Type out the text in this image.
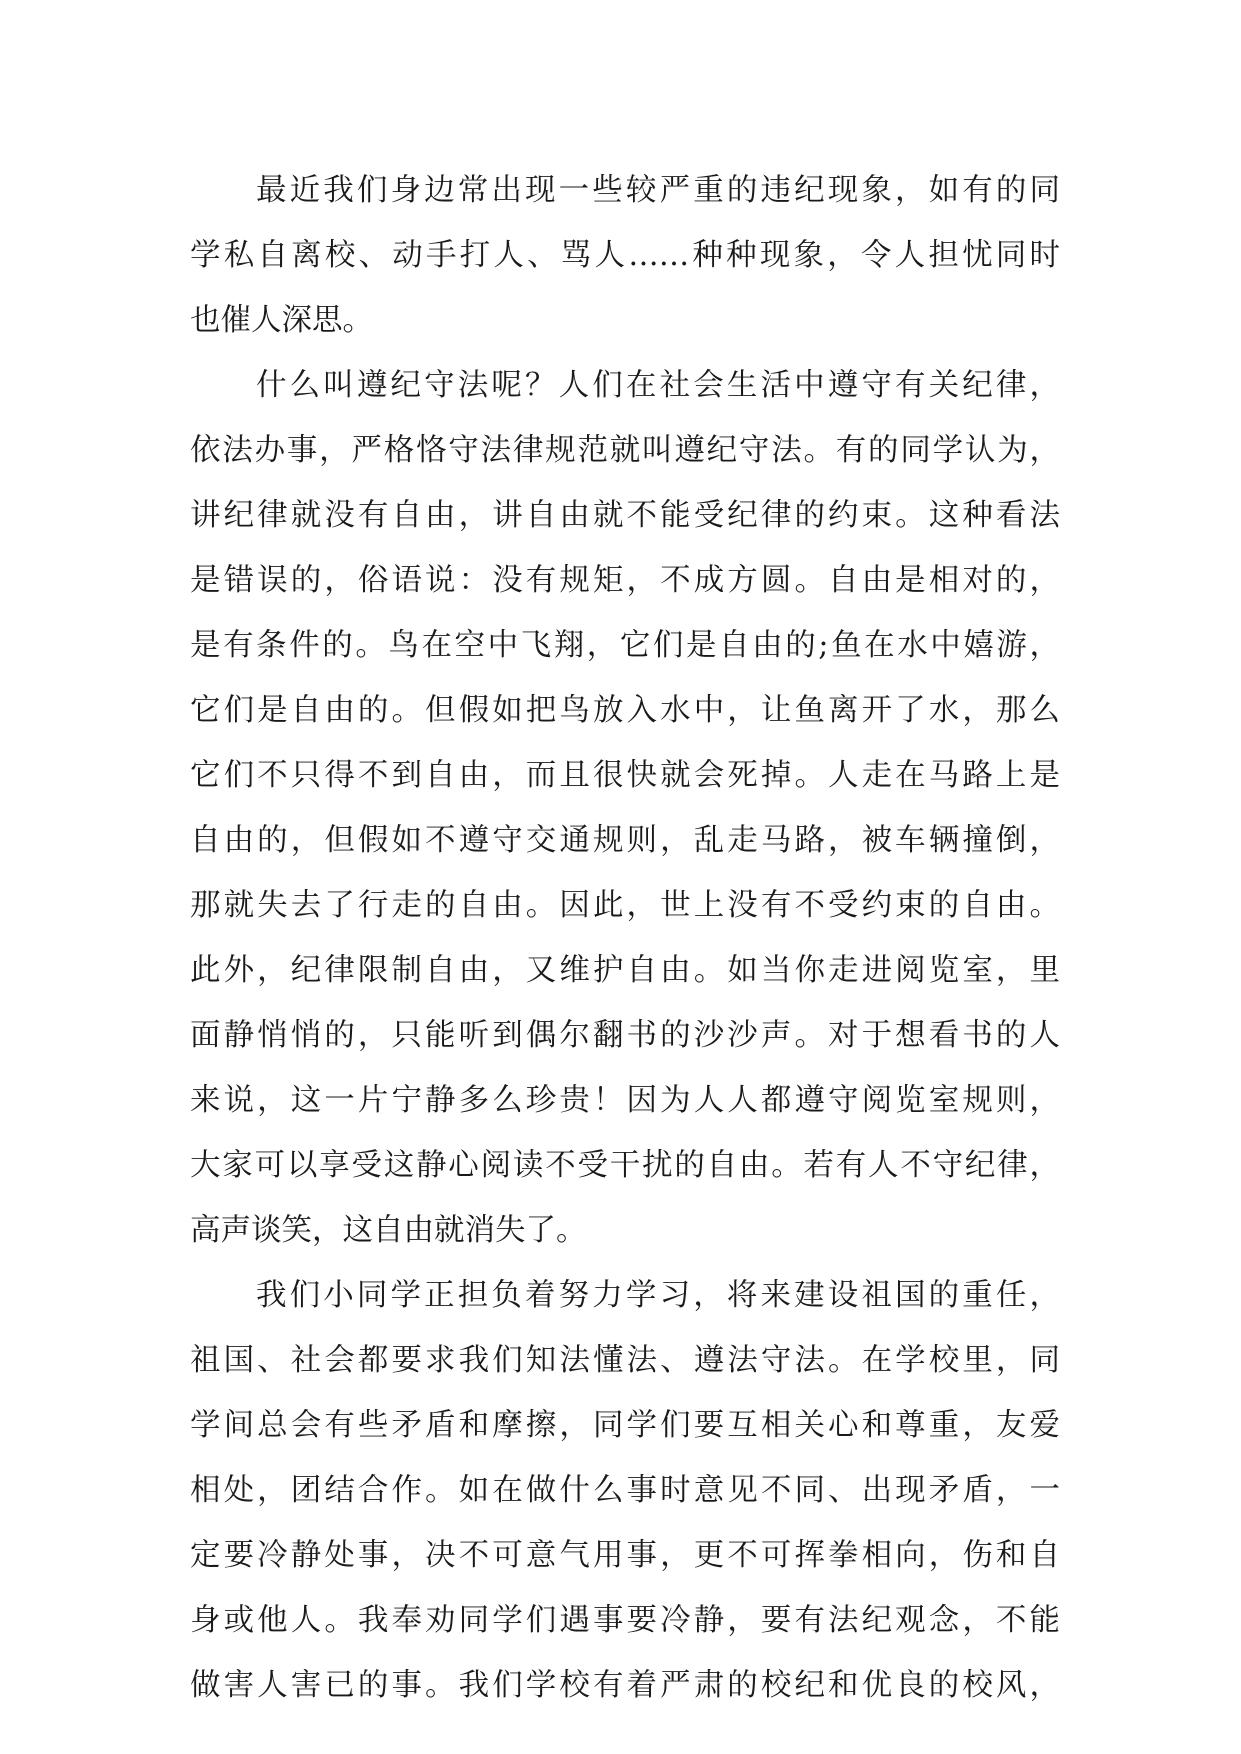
最近我们身边常出现一些较严重的违纪现象，如有的同
学私自离校、动手打人、骂人……种种现象，令人担忧同时
也催人深思。
什么叫遵纪守法呢？人们在社会生活中遵守有关纪律，
依法办事，严格恪守法律规范就叫遵纪守法。有的同学认为，
讲纪律就没有自由，讲自由就不能受纪律的约束。这种看法
是错误的，俗语说：没有规矩，不成方圆。自由是相对的，
是有条件的。鸟在空中飞翔，它们是自由的;鱼在水中嬉游，
它们是自由的。但假如把鸟放入水中，让鱼离开了水，那么
它们不只得不到自由，而且很快就会死掉。人走在马路上是
自由的，但假如不遵守交通规则，乱走马路，被车辆撞倒，
那就失去了行走的自由。因此，世上没有不受约束的自由。
此外，纪律限制自由，又维护自由。如当你走进阅览室，里
面静悄悄的，只能听到偶尔翻书的沙沙声。对于想看书的人
来说，这一片宁静多么珍贵！因为人人都遵守阅览室规则，
大家可以享受这静心阅读不受干扰的自由。若有人不守纪律，
高声谈笑，这自由就消失了。
我们小同学正担负着努力学习，将来建设祖国的重任，
祖国、社会都要求我们知法懂法、遵法守法。在学校里，同
学间总会有些矛盾和摩擦，同学们要互相关心和尊重，友爱
相处，团结合作。如在做什么事时意见不同、出现矛盾，一
定要冷静处事，决不可意气用事，更不可挥拳相向，伤和自
身或他人。我奉劝同学们遇事要冷静，要有法纪观念，不能
做害人害已的事。我们学校有着严肃的校纪和优良的校风，
